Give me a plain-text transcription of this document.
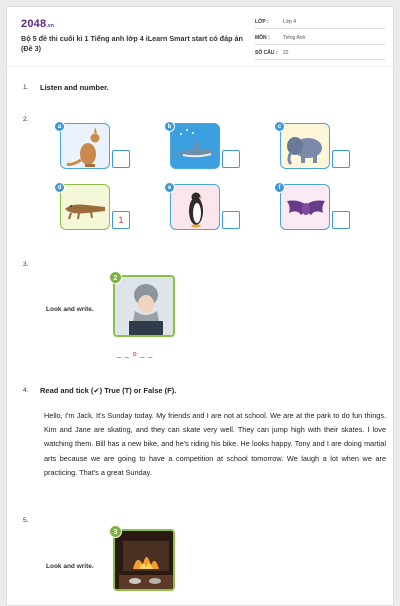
2048.vn
Bộ 5 đề thi cuối kì 1 Tiếng anh lớp 4 iLearn Smart start có đáp án (Đề 3)
LỚP :	Lớp 4
MÔN :	Tiếng Anh
SỐ CÂU : 22
1. Listen and number.
2.
a	b	c
d
1
e	f
3.
Look and write.
2
_ _ o _ _
4. Read and tick (✔) True (T) or False (F).
Hello, I'm Jack. It's Sunday today. My friends and I are not at school. We are at the park to do fun things. Kim and Jane are skating, and they can skate very well. They can jump high with their skates. I love watching them. Bill has a new bike, and he's riding his bike. He looks happy. Tony and I are doing martial arts because we are going to have a competition at school tomorrow. We laugh a lot when we are practicing. That's a great Sunday.
5.
Look and write.
3
